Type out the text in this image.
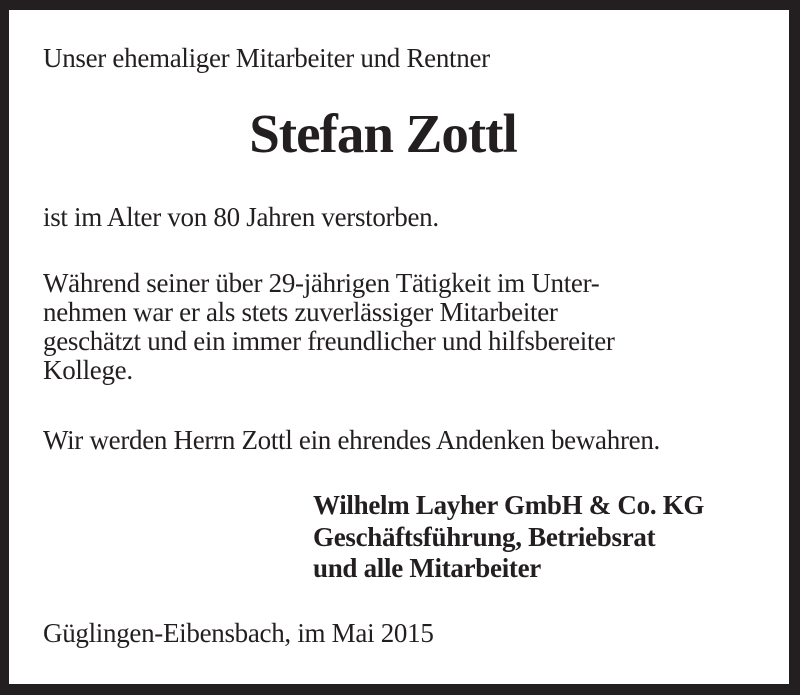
Unser ehemaliger Mitarbeiter und Rentner
Stefan Zottl
ist im Alter von 80 Jahren verstorben.
Während seiner über 29-jährigen Tätigkeit im Unter-
nehmen war er als stets zuverlässiger Mitarbeiter
geschätzt und ein immer freundlicher und hilfsbereiter
Kollege.
Wir werden Herrn Zottl ein ehrendes Andenken bewahren.
Wilhelm Layher GmbH & Co. KG
Geschäftsführung, Betriebsrat
und alle Mitarbeiter
Güglingen-Eibensbach, im Mai 2015
